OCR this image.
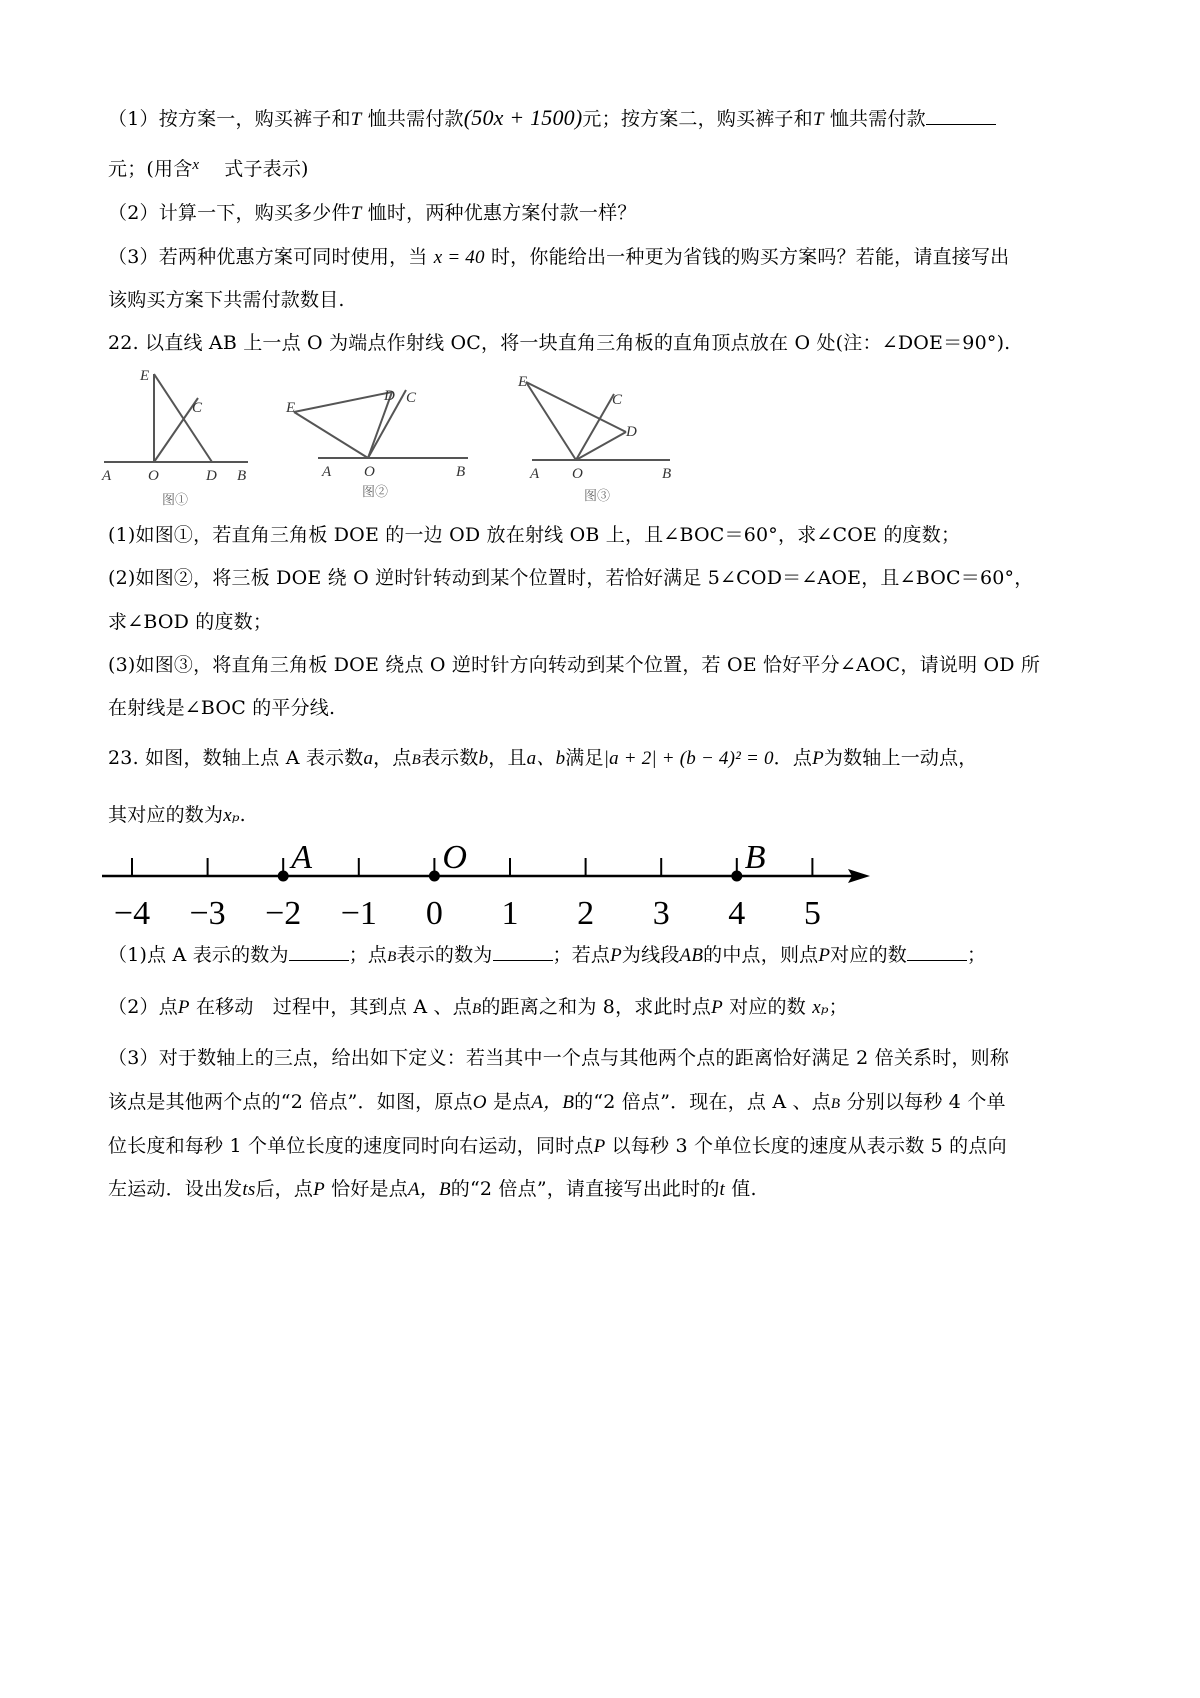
（1）按方案一，购买裤子和T 恤共需付款(50x + 1500)元；按方案二，购买裤子和T 恤共需付款
元；(用含$^x$ 式子表示)
（2）计算一下，购买多少件T 恤时，两种优惠方案付款一样？
（3）若两种优惠方案可同时使用，当 x = 40 时，你能给出一种更为省钱的购买方案吗？若能，请直接写出
该购买方案下共需付款数目.
22. 以直线 AB 上一点 O 为端点作射线 OC，将一块直角三角板的直角顶点放在 O 处(注：∠DOE＝90°).
A O	D B
E
C
A O	B
E
D C
A O	B
E
C
D
图①
图②	图③
(1)如图①，若直角三角板 DOE 的一边 OD 放在射线 OB 上，且∠BOC＝60°，求∠COE 的度数；
(2)如图②，将三板 DOE 绕 O 逆时针转动到某个位置时，若恰好满足 5∠COD＝∠AOE，且∠BOC＝60°，
求∠BOD 的度数；
(3)如图③，将直角三角板 DOE 绕点 O 逆时针方向转动到某个位置，若 OE 恰好平分∠AOC，请说明 OD 所
在射线是∠BOC 的平分线.
23. 如图，数轴上点 A 表示数a，点B表示数b，且a、b满足|a + 2| + (b − 4)² = 0．点P为数轴上一动点，
其对应的数为xₚ.
−4 −3 −2 −1 0 1 2 3 4 5
A	O	B
（1)点 A 表示的数为	；点B表示的数为	；若点P为线段AB的中点，则点P对应的数	；
（2）点P 在移动　过程中，其到点 A 、点B的距离之和为 8，求此时点P 对应的数 xₚ；
（3）对于数轴上的三点，给出如下定义：若当其中一个点与其他两个点的距离恰好满足 2 倍关系时，则称
该点是其他两个点的“2 倍点”．如图，原点O 是点A，B的“2 倍点”．现在，点 A 、点B 分别以每秒 4 个单
位长度和每秒 1 个单位长度的速度同时向右运动，同时点P 以每秒 3 个单位长度的速度从表示数 5 的点向
左运动．设出发ts后，点P 恰好是点A，B的“2 倍点”，请直接写出此时的t 值.
